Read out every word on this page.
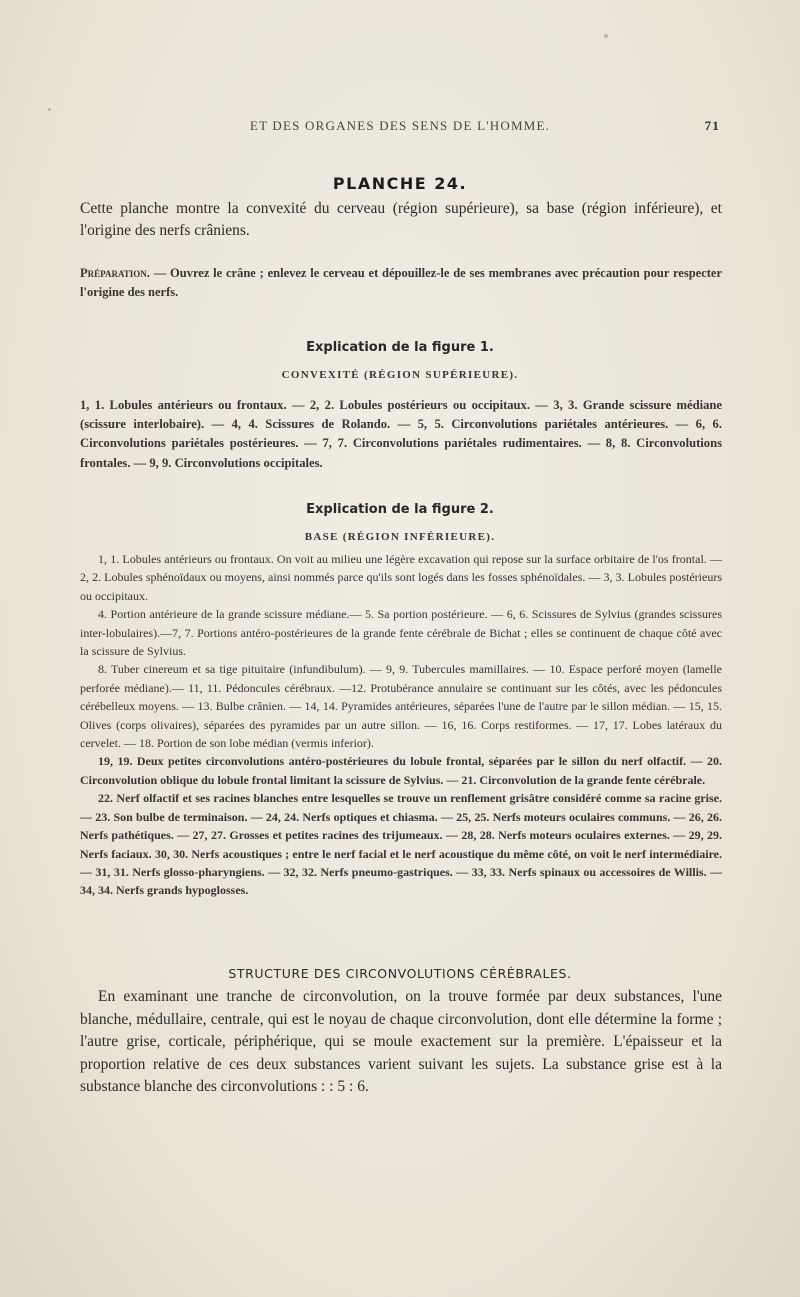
ET DES ORGANES DES SENS DE L'HOMME.	71
PLANCHE 24.
Cette planche montre la convexité du cerveau (région supérieure), sa base (région inférieure), et l'origine des nerfs crâniens.
Préparation. — Ouvrez le crâne ; enlevez le cerveau et dépouillez-le de ses membranes avec précaution pour respecter l'origine des nerfs.
Explication de la figure 1.
CONVEXITÉ (RÉGION SUPÉRIEURE).

1, 1. Lobules antérieurs ou frontaux. — 2, 2. Lobules postérieurs ou occipitaux. — 3, 3. Grande scissure médiane (scissure interlobaire). — 4, 4. Scissures de Rolando. — 5, 5. Circonvolutions pariétales antérieures. — 6, 6. Circonvolutions pariétales postérieures. — 7, 7. Circonvolutions pariétales rudimentaires. — 8, 8. Circonvolutions frontales. — 9, 9. Circonvolutions occipitales.

Explication de la figure 2.
BASE (RÉGION INFÉRIEURE).

1, 1. Lobules antérieurs ou frontaux. On voit au milieu une légère excavation qui repose sur la surface orbitaire de l'os frontal. — 2, 2. Lobules sphénoïdaux ou moyens, ainsi nommés parce qu'ils sont logés dans les fosses sphénoïdales. — 3, 3. Lobules postérieurs ou occipitaux.

4. Portion antérieure de la grande scissure médiane.— 5. Sa portion postérieure. — 6, 6. Scissures de Sylvius (grandes scissures inter-lobulaires).—7, 7. Portions antéro-postérieures de la grande fente cérébrale de Bichat ; elles se continuent de chaque côté avec la scissure de Sylvius.

8. Tuber cinereum et sa tige pituitaire (infundibulum). — 9, 9. Tubercules mamillaires. — 10. Espace perforé moyen (lamelle perforée médiane).— 11, 11. Pédoncules cérébraux. —12. Protubérance annulaire se continuant sur les côtés, avec les pédoncules cérébelleux moyens. — 13. Bulbe crânien. — 14, 14. Pyramides antérieures, séparées l'une de l'autre par le sillon médian. — 15, 15. Olives (corps olivaires), séparées des pyramides par un autre sillon. — 16, 16. Corps restiformes. — 17, 17. Lobes latéraux du cervelet. — 18. Portion de son lobe médian (vermis inferior).

19, 19. Deux petites circonvolutions antéro-postérieures du lobule frontal, séparées par le sillon du nerf olfactif. — 20. Circonvolution oblique du lobule frontal limitant la scissure de Sylvius. — 21. Circonvolution de la grande fente cérébrale.

22. Nerf olfactif et ses racines blanches entre lesquelles se trouve un renflement grisâtre considéré comme sa racine grise. — 23. Son bulbe de terminaison. — 24, 24. Nerfs optiques et chiasma. — 25, 25. Nerfs moteurs oculaires communs. — 26, 26. Nerfs pathétiques. — 27, 27. Grosses et petites racines des trijumeaux. — 28, 28. Nerfs moteurs oculaires externes. — 29, 29. Nerfs faciaux. 30, 30. Nerfs acoustiques ; entre le nerf facial et le nerf acoustique du même côté, on voit le nerf intermédiaire. — 31, 31. Nerfs glosso-pharyngiens. — 32, 32. Nerfs pneumo-gastriques. — 33, 33. Nerfs spinaux ou accessoires de Willis. — 34, 34. Nerfs grands hypoglosses.

STRUCTURE DES CIRCONVOLUTIONS CÉRÉBRALES.

En examinant une tranche de circonvolution, on la trouve formée par deux substances, l'une blanche, médullaire, centrale, qui est le noyau de chaque circonvolution, dont elle détermine la forme ; l'autre grise, corticale, périphérique, qui se moule exactement sur la première. L'épaisseur et la proportion relative de ces deux substances varient suivant les sujets. La substance grise est à la substance blanche des circonvolutions : : 5 : 6.
